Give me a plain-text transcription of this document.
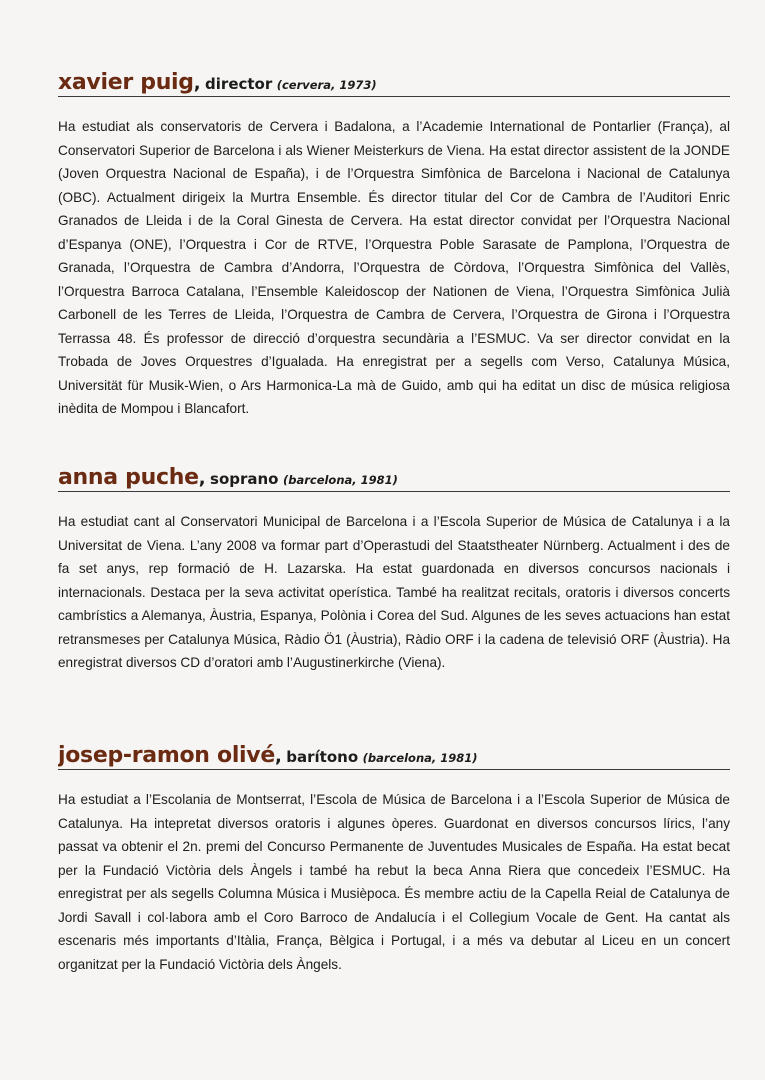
xavier puig, director (cervera, 1973)

Ha estudiat als conservatoris de Cervera i Badalona, a l’Academie International de Pontarlier (França), al Conservatori Superior de Barcelona i als Wiener Meisterkurs de Viena. Ha estat director assistent de la JONDE (Joven Orquestra Nacional de España), i de l’Orquestra Simfònica de Barcelona i Nacional de Catalunya (OBC). Actualment dirigeix la Murtra Ensemble. És director titular del Cor de Cambra de l’Auditori Enric Granados de Lleida i de la Coral Ginesta de Cervera. Ha estat director convidat per l’Orquestra Nacional d’Espanya (ONE), l’Orquestra i Cor de RTVE, l’Orquestra Poble Sarasate de Pamplona, l’Orquestra de Granada, l’Orquestra de Cambra d’Andorra, l’Orquestra de Còrdova, l’Orquestra Simfònica del Vallès, l’Orquestra Barroca Catalana, l’Ensemble Kaleidoscop der Nationen de Viena, l’Orquestra Simfònica Julià Carbonell de les Terres de Lleida, l’Orquestra de Cambra de Cervera, l’Orquestra de Girona i l’Orquestra Terrassa 48. És professor de direcció d’orquestra secundària a l’ESMUC. Va ser director convidat en la Trobada de Joves Orquestres d’Igualada. Ha enregistrat per a segells com Verso, Catalunya Música, Universität für Musik-Wien, o Ars Harmonica-La mà de Guido, amb qui ha editat un disc de música religiosa inèdita de Mompou i Blancafort.

anna puche, soprano (barcelona, 1981)

Ha estudiat cant al Conservatori Municipal de Barcelona i a l’Escola Superior de Música de Catalunya i a la Universitat de Viena. L’any 2008 va formar part d’Operastudi del Staatstheater Nürnberg. Actualment i des de fa set anys, rep formació de H. Lazarska. Ha estat guardonada en diversos concursos nacionals i internacionals. Destaca per la seva activitat operística. També ha realitzat recitals, oratoris i diversos concerts cambrístics a Alemanya, Àustria, Espanya, Polònia i Corea del Sud. Algunes de les seves actuacions han estat retransmeses per Catalunya Música, Ràdio Ö1 (Àustria), Ràdio ORF i la cadena de televisió ORF (Àustria). Ha enregistrat diversos CD d’oratori amb l’Augustinerkirche (Viena).

josep-ramon olivé, barítono (barcelona, 1981)

Ha estudiat a l’Escolania de Montserrat, l’Escola de Música de Barcelona i a l’Escola Superior de Música de Catalunya. Ha intepretat diversos oratoris i algunes òperes. Guardonat en diversos concursos lírics, l’any passat va obtenir el 2n. premi del Concurso Permanente de Juventudes Musicales de España. Ha estat becat per la Fundació Victòria dels Àngels i també ha rebut la beca Anna Riera que concedeix l’ESMUC. Ha enregistrat per als segells Columna Música i Musièpoca. És membre actiu de la Capella Reial de Catalunya de Jordi Savall i col·labora amb el Coro Barroco de Andalucía i el Collegium Vocale de Gent. Ha cantat als escenaris més importants d’Itàlia, França, Bèlgica i Portugal, i a més va debutar al Liceu en un concert organitzat per la Fundació Victòria dels Àngels.
